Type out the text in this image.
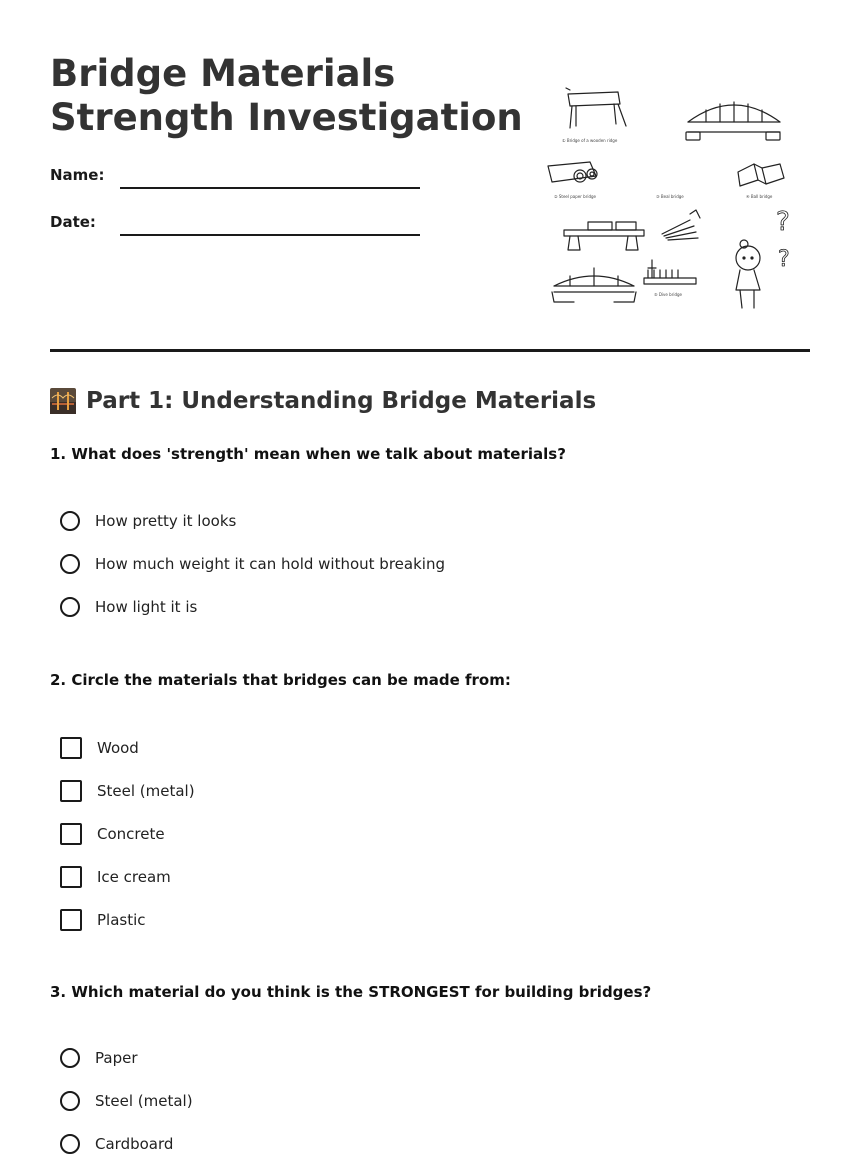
Bridge Materials
Strength Investigation
Name:
Date:
① Bridge of a wooden ridge
② Steel paper bridge	③ Beal bridge	④ Ball bridge
?
?
⑤ Dive bridge
Part 1: Understanding Bridge Materials
1. What does 'strength' mean when we talk about materials?
How pretty it looks
How much weight it can hold without breaking
How light it is
2. Circle the materials that bridges can be made from:
Wood
Steel (metal)
Concrete
Ice cream
Plastic
3. Which material do you think is the STRONGEST for building bridges?
Paper
Steel (metal)
Cardboard
